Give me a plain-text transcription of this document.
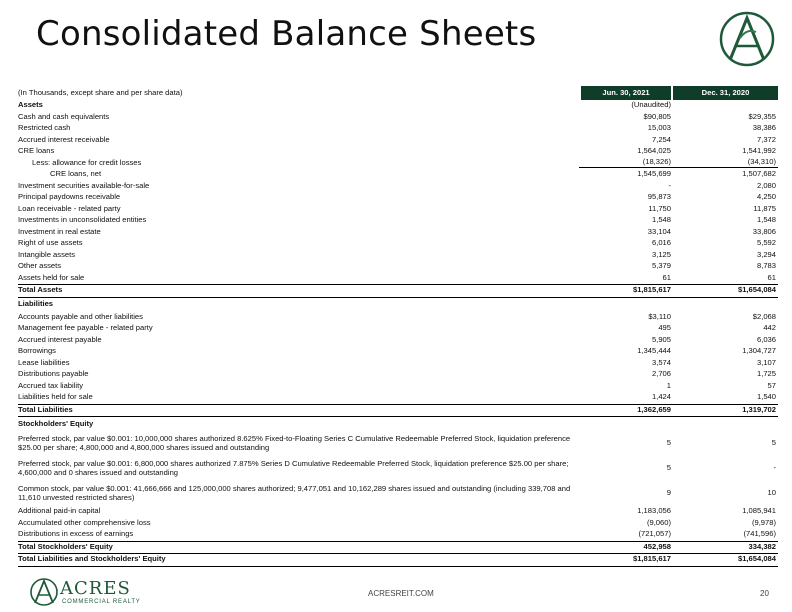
Consolidated Balance Sheets
(In Thousands, except share and per share data)	Jun. 30, 2021	Dec. 31, 2020
Assets	(Unaudited)
Cash and cash equivalents	$90,805	$29,355
Restricted cash	15,003	38,386
Accrued interest receivable	7,254	7,372
CRE loans	1,564,025	1,541,992
Less: allowance for credit losses	(18,326)	(34,310)
CRE loans, net	1,545,699	1,507,682
Investment securities available-for-sale	-	2,080
Principal paydowns receivable	95,873	4,250
Loan receivable - related party	11,750	11,875
Investments in unconsolidated entities	1,548	1,548
Investment in real estate	33,104	33,806
Right of use assets	6,016	5,592
Intangible assets	3,125	3,294
Other assets	5,379	8,783
Assets held for sale	61	61
Total Assets	$1,815,617	$1,654,084
Liabilities
Accounts payable and other liabilities	$3,110	$2,068
Management fee payable - related party	495	442
Accrued interest payable	5,905	6,036
Borrowings	1,345,444	1,304,727
Lease liabilities	3,574	3,107
Distributions payable	2,706	1,725
Accrued tax liability	1	57
Liabilities held for sale	1,424	1,540
Total Liabilities	1,362,659	1,319,702
Stockholders' Equity
Preferred stock, par value $0.001: 10,000,000 shares authorized 8.625% Fixed-to-Floating Series C Cumulative Redeemable Preferred Stock, liquidation preference $25.00 per share; 4,800,000 and 4,800,000 shares issued and outstanding	5	5
Preferred stock, par value $0.001: 6,800,000 shares authorized 7.875% Series D Cumulative Redeemable Preferred Stock, liquidation preference $25.00 per share; 4,600,000 and 0 shares issued and outstanding	5	-
Common stock, par value $0.001: 41,666,666 and 125,000,000 shares authorized; 9,477,051 and 10,162,289 shares issued and outstanding (including 339,708 and 11,610 unvested restricted shares)	9	10
Additional paid-in capital	1,183,056	1,085,941
Accumulated other comprehensive loss	(9,060)	(9,978)
Distributions in excess of earnings	(721,057)	(741,596)
Total Stockholders' Equity	452,958	334,382
Total Liabilities and Stockholders' Equity	$1,815,617	$1,654,084
ACRES
COMMERCIAL REALTY
ACRESREIT.COM	20
